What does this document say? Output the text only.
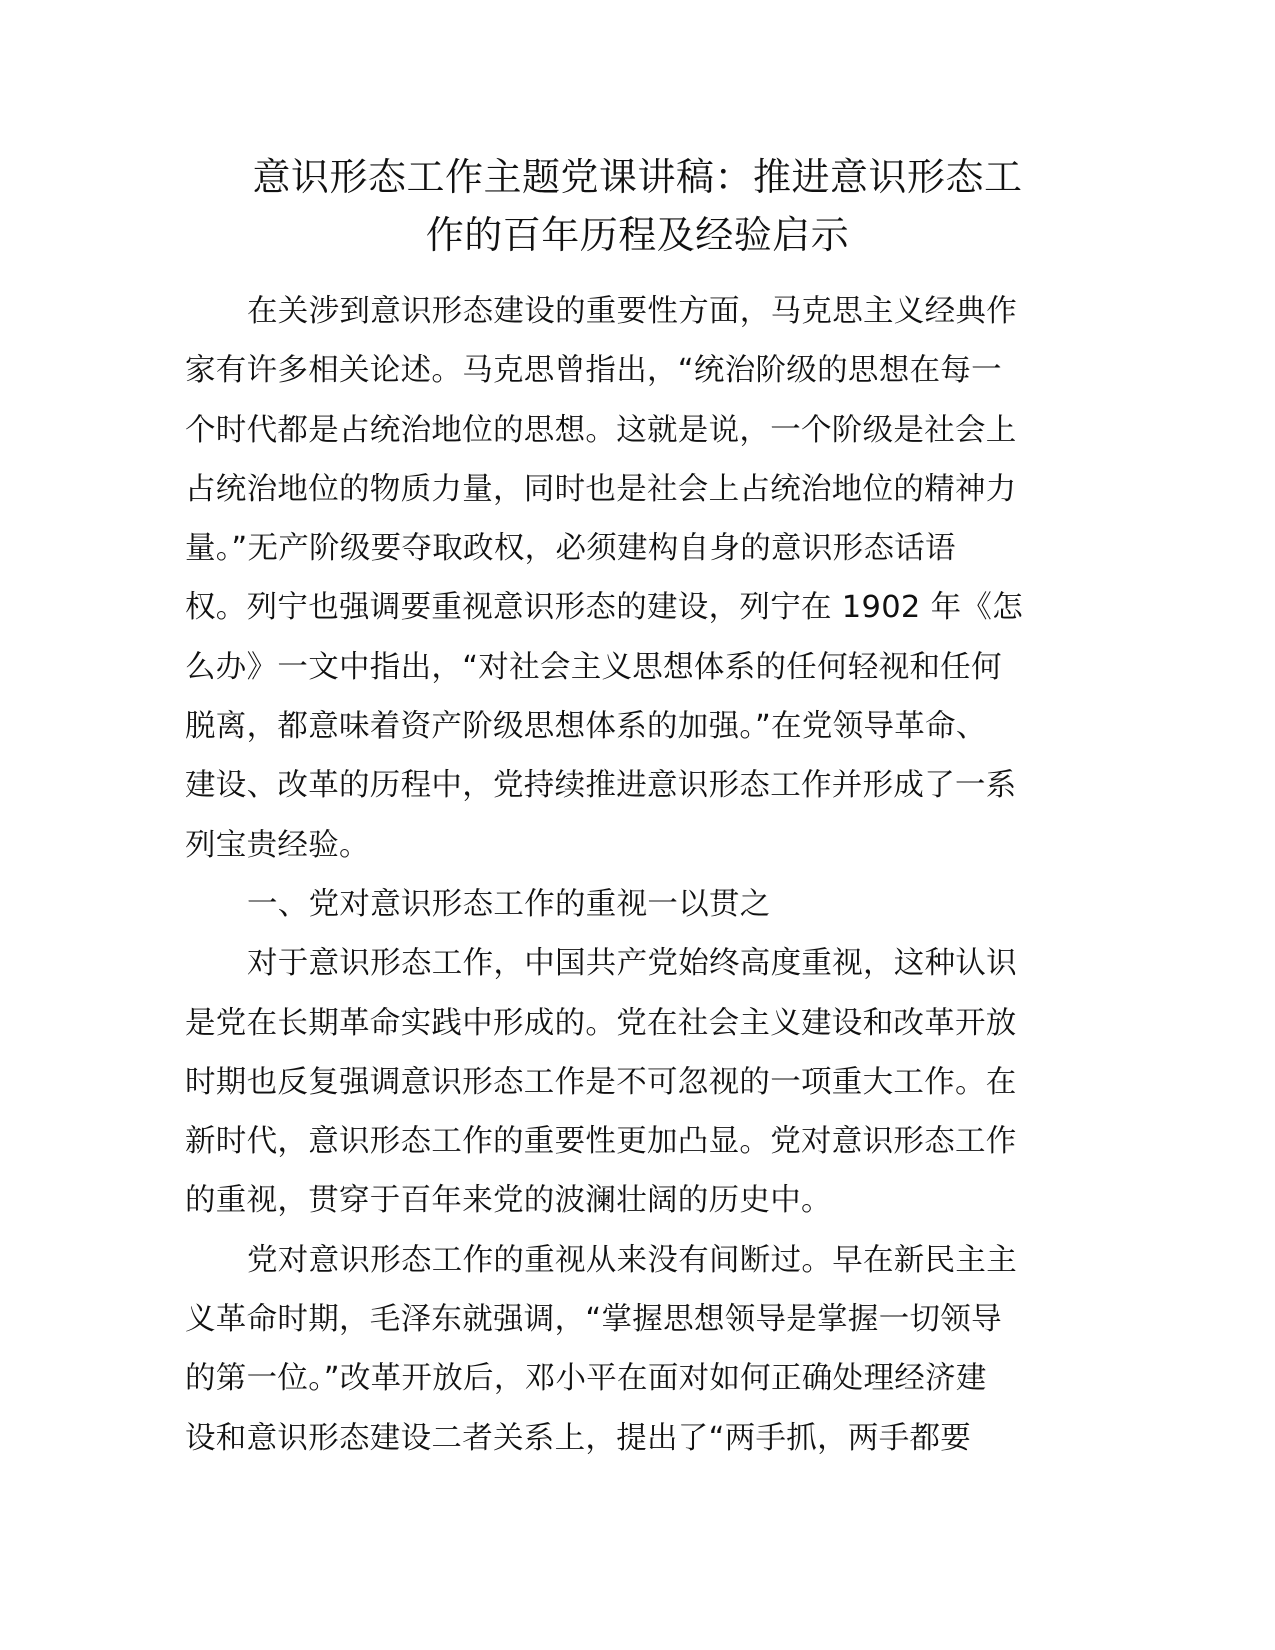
意识形态工作主题党课讲稿：推进意识形态工
作的百年历程及经验启示

在关涉到意识形态建设的重要性方面，马克思主义经典作
家有许多相关论述。马克思曾指出，“统治阶级的思想在每一
个时代都是占统治地位的思想。这就是说，一个阶级是社会上
占统治地位的物质力量，同时也是社会上占统治地位的精神力
量。”无产阶级要夺取政权，必须建构自身的意识形态话语
权。列宁也强调要重视意识形态的建设，列宁在 1902 年《怎
么办》一文中指出，“对社会主义思想体系的任何轻视和任何
脱离，都意味着资产阶级思想体系的加强。”在党领导革命、
建设、改革的历程中，党持续推进意识形态工作并形成了一系
列宝贵经验。

一、党对意识形态工作的重视一以贯之

对于意识形态工作，中国共产党始终高度重视，这种认识
是党在长期革命实践中形成的。党在社会主义建设和改革开放
时期也反复强调意识形态工作是不可忽视的一项重大工作。在
新时代，意识形态工作的重要性更加凸显。党对意识形态工作
的重视，贯穿于百年来党的波澜壮阔的历史中。

党对意识形态工作的重视从来没有间断过。早在新民主主
义革命时期，毛泽东就强调，“掌握思想领导是掌握一切领导
的第一位。”改革开放后，邓小平在面对如何正确处理经济建
设和意识形态建设二者关系上，提出了“两手抓，两手都要
